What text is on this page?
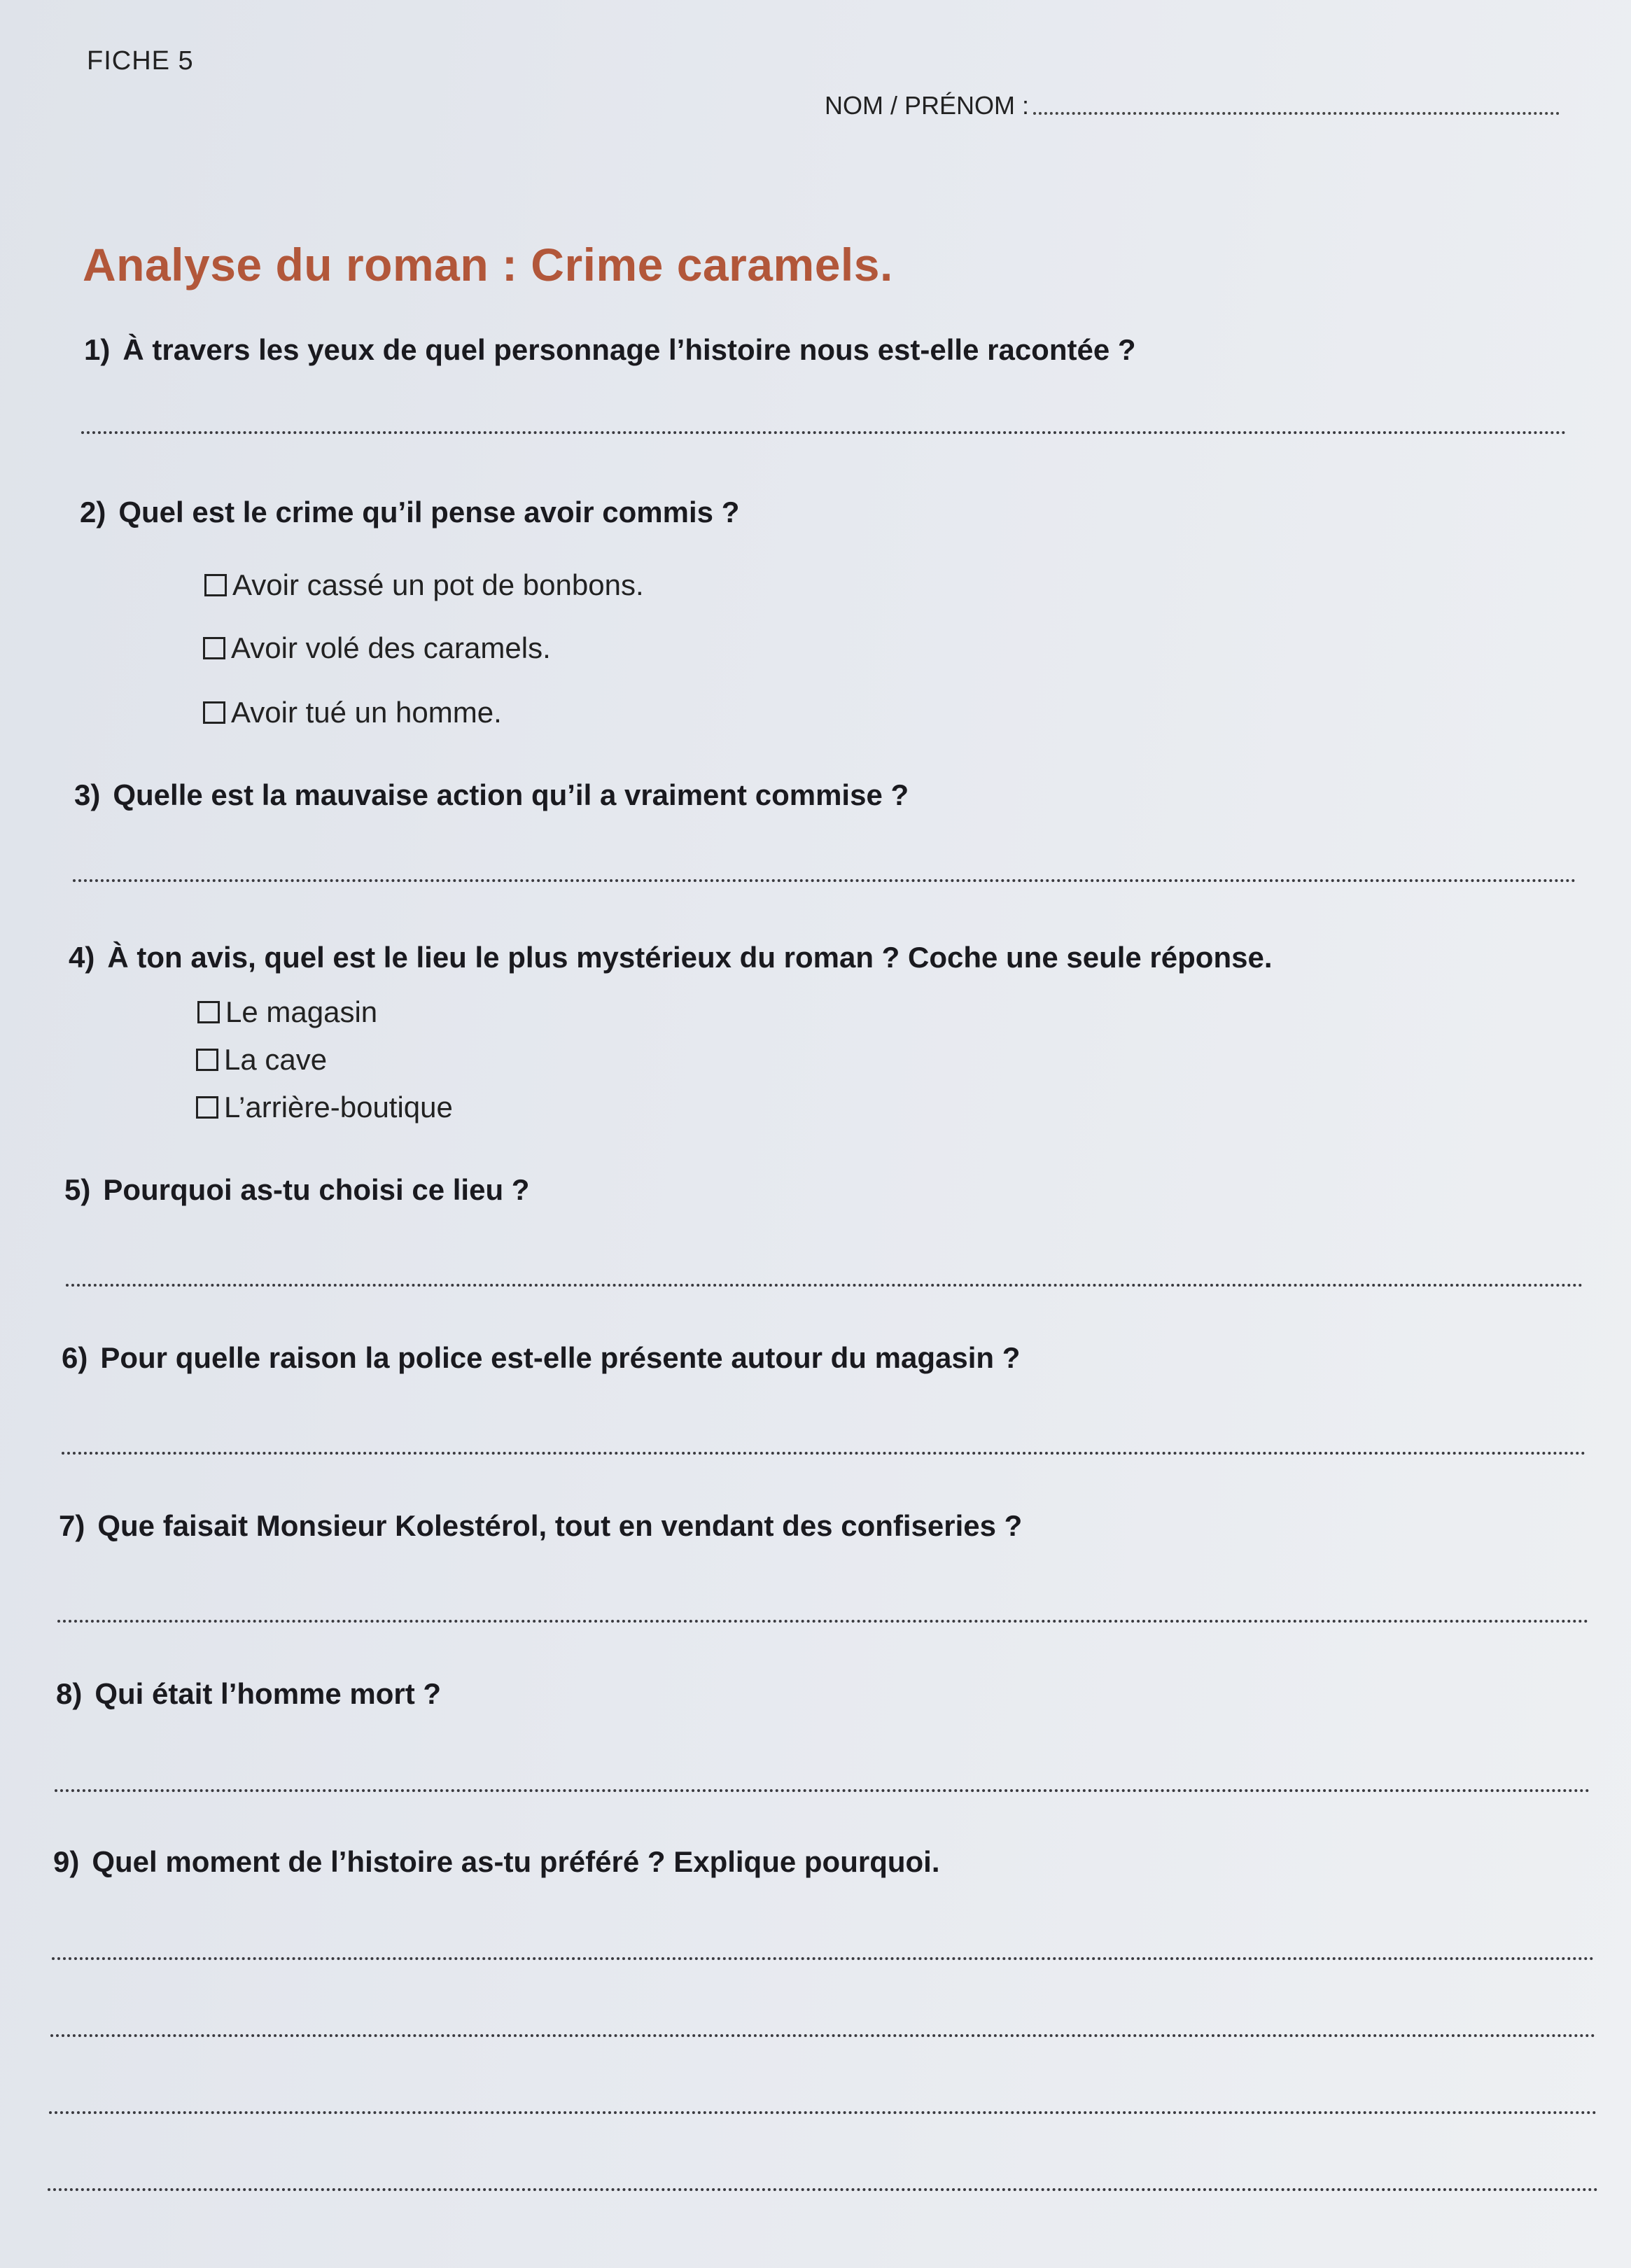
FICHE 5
NOM / PRÉNOM :
Analyse du roman : Crime caramels.
1) À travers les yeux de quel personnage l’histoire nous est-elle racontée ?
2) Quel est le crime qu’il pense avoir commis ?
Avoir cassé un pot de bonbons.
Avoir volé des caramels.
Avoir tué un homme.
3) Quelle est la mauvaise action qu’il a vraiment commise ?
4) À ton avis, quel est le lieu le plus mystérieux du roman ? Coche une seule réponse.
Le magasin
La cave
L’arrière-boutique
5) Pourquoi as-tu choisi ce lieu ?
6) Pour quelle raison la police est-elle présente autour du magasin ?
7) Que faisait Monsieur Kolestérol, tout en vendant des confiseries ?
8) Qui était l’homme mort ?
9) Quel moment de l’histoire as-tu préféré ? Explique pourquoi.
